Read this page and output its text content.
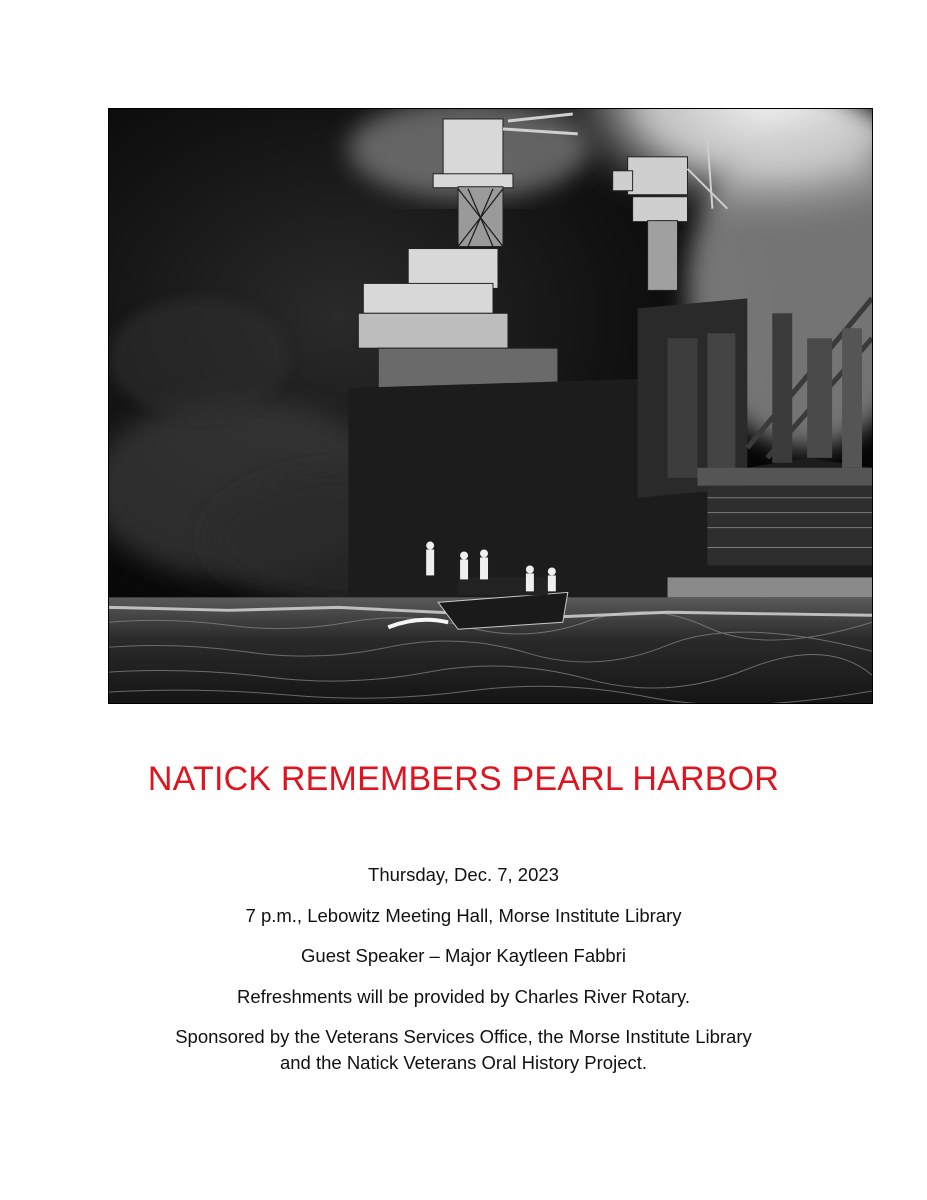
NATICK REMEMBERS PEARL HARBOR
Thursday, Dec. 7, 2023
7 p.m., Lebowitz Meeting Hall, Morse Institute Library
Guest Speaker – Major Kaytleen Fabbri
Refreshments will be provided by Charles River Rotary.
Sponsored by the Veterans Services Office, the Morse Institute Library
and the Natick Veterans Oral History Project.
